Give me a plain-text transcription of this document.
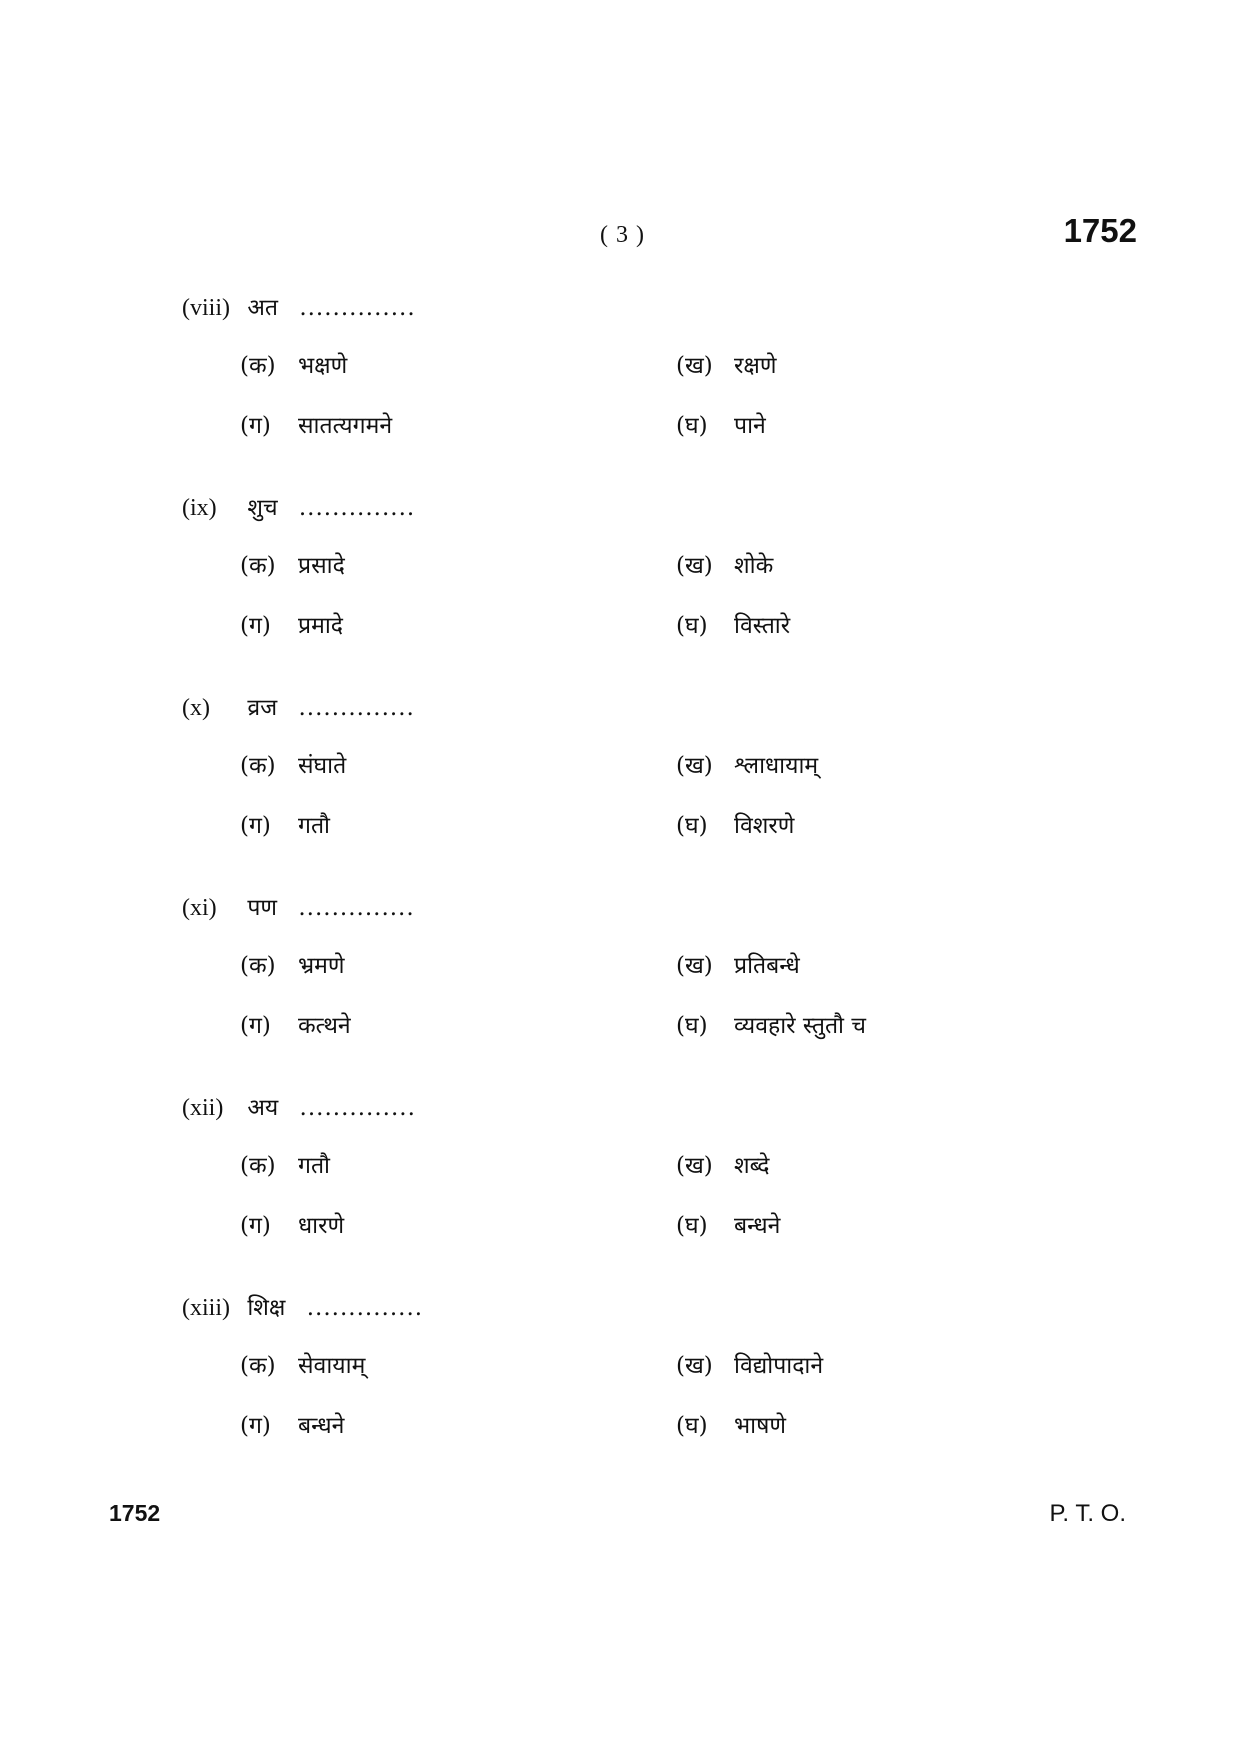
( 3 )	1752
(viii) अत ..............
(क) भक्षणे	(ख) रक्षणे
(ग) सातत्यगमने	(घ) पाने
(ix) शुच ..............
(क) प्रसादे	(ख) शोके
(ग) प्रमादे	(घ) विस्तारे
(x) व्रज ..............
(क) संघाते	(ख) श्लाधायाम्
(ग) गतौ	(घ) विशरणे
(xi) पण ..............
(क) भ्रमणे	(ख) प्रतिबन्धे
(ग) कत्थने	(घ) व्यवहारे स्तुतौ च
(xii) अय ..............
(क) गतौ	(ख) शब्दे
(ग) धारणे	(घ) बन्धने
(xiii) शिक्ष ..............
(क) सेवायाम्	(ख) विद्योपादाने
(ग) बन्धने	(घ) भाषणे
1752	P. T. O.
